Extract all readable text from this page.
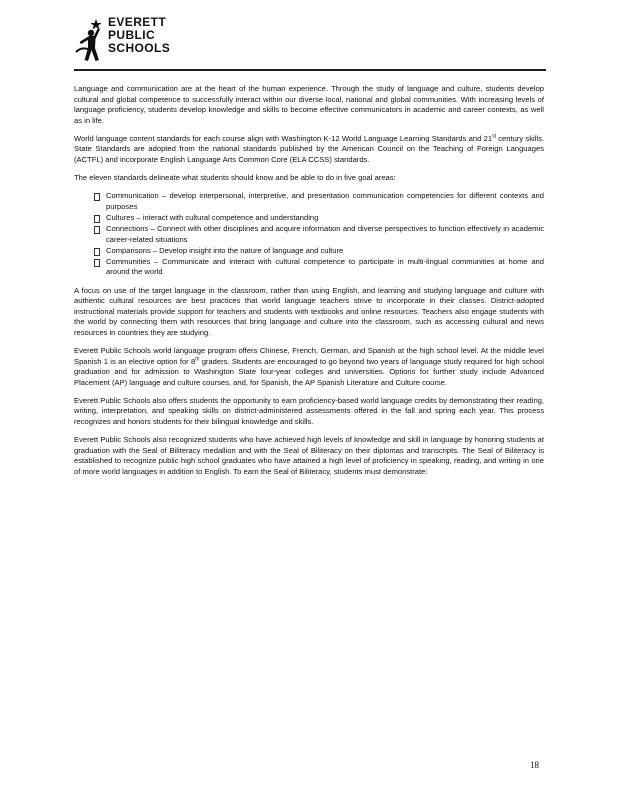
EVERETT
PUBLIC
SCHOOLS

Language and communication are at the heart of the human experience. Through the study of language and culture, students develop cultural and global competence to successfully interact within our diverse local, national and global communities. With increasing levels of language proficiency, students develop knowledge and skills to become effective communicators in academic and career contexts, as well as in life.

World language content standards for each course align with Washington K-12 World Language Learning Standards and 21st century skills. State Standards are adopted from the national standards published by the American Council on the Teaching of Foreign Languages (ACTFL) and incorporate English Language Arts Common Core (ELA CCSS) standards.

The eleven standards delineate what students should know and be able to do in five goal areas:

Communication – develop interpersonal, interpretive, and presentation communication competencies for different contexts and purposes
Cultures – interact with cultural competence and understanding
Connections – Connect with other disciplines and acquire information and diverse perspectives to function effectively in academic career-related situations
Comparisons – Develop insight into the nature of language and culture
Communities – Communicate and interact with cultural competence to participate in multi-lingual communities at home and around the world

A focus on use of the target language in the classroom, rather than using English, and learning and studying language and culture with authentic cultural resources are best practices that world language teachers strive to incorporate in their classes. District-adopted instructional materials provide support for teachers and students with textbooks and online resources. Teachers also engage students with the world by connecting them with resources that bring language and culture into the classroom, such as accessing cultural and news resources in countries they are studying.

Everett Public Schools world language program offers Chinese, French, German, and Spanish at the high school level. At the middle level Spanish 1 is an elective option for 8th graders. Students are encouraged to go beyond two years of language study required for high school graduation and for admission to Washington State four-year colleges and universities. Options for further study include Advanced Placement (AP) language and culture courses, and, for Spanish, the AP Spanish Literature and Culture course.

Everett Public Schools also offers students the opportunity to earn proficiency-based world language credits by demonstrating their reading, writing, interpretation, and speaking skills on district-administered assessments offered in the fall and spring each year. This process recognizes and honors students for their bilingual knowledge and skills.

Everett Public Schools also recognized students who have achieved high levels of knowledge and skill in language by honoring students at graduation with the Seal of Biliteracy medallion and with the Seal of Biliteracy on their diplomas and transcripts. The Seal of Biliteracy is established to recognize public high school graduates who have attained a high level of proficiency in speaking, reading, and writing in one of more world languages in addition to English. To earn the Seal of Biliteracy, students must demonstrate:

18
